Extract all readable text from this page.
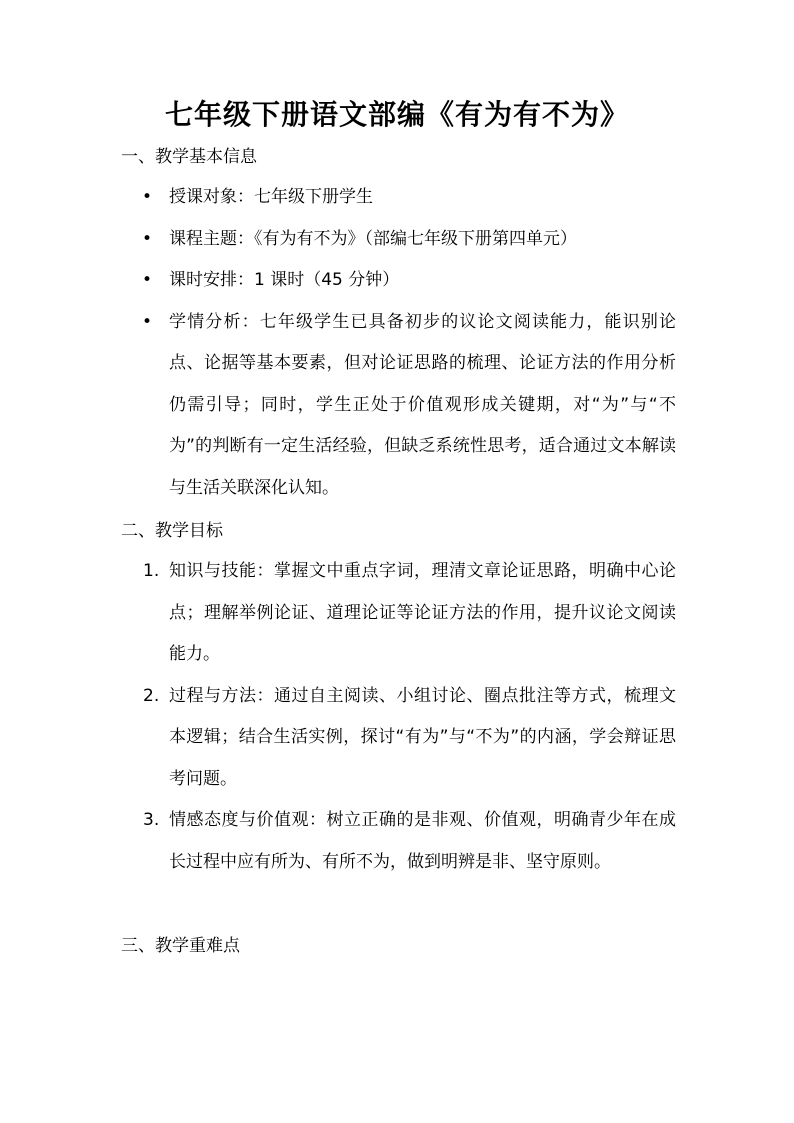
七年级下册语文部编《有为有不为》
一、教学基本信息
• 授课对象：七年级下册学生
• 课程主题：《有为有不为》（部编七年级下册第四单元）
• 课时安排：1 课时（45 分钟）
• 学情分析：七年级学生已具备初步的议论文阅读能力，能识别论点、论据等基本要素，但对论证思路的梳理、论证方法的作用分析仍需引导；同时，学生正处于价值观形成关键期，对“为”与“不为”的判断有一定生活经验，但缺乏系统性思考，适合通过文本解读与生活关联深化认知。
二、教学目标
1. 知识与技能：掌握文中重点字词，理清文章论证思路，明确中心论点；理解举例论证、道理论证等论证方法的作用，提升议论文阅读能力。
2. 过程与方法：通过自主阅读、小组讨论、圈点批注等方式，梳理文本逻辑；结合生活实例，探讨“有为”与“不为”的内涵，学会辩证思考问题。
3. 情感态度与价值观：树立正确的是非观、价值观，明确青少年在成长过程中应有所为、有所不为，做到明辨是非、坚守原则。
三、教学重难点
